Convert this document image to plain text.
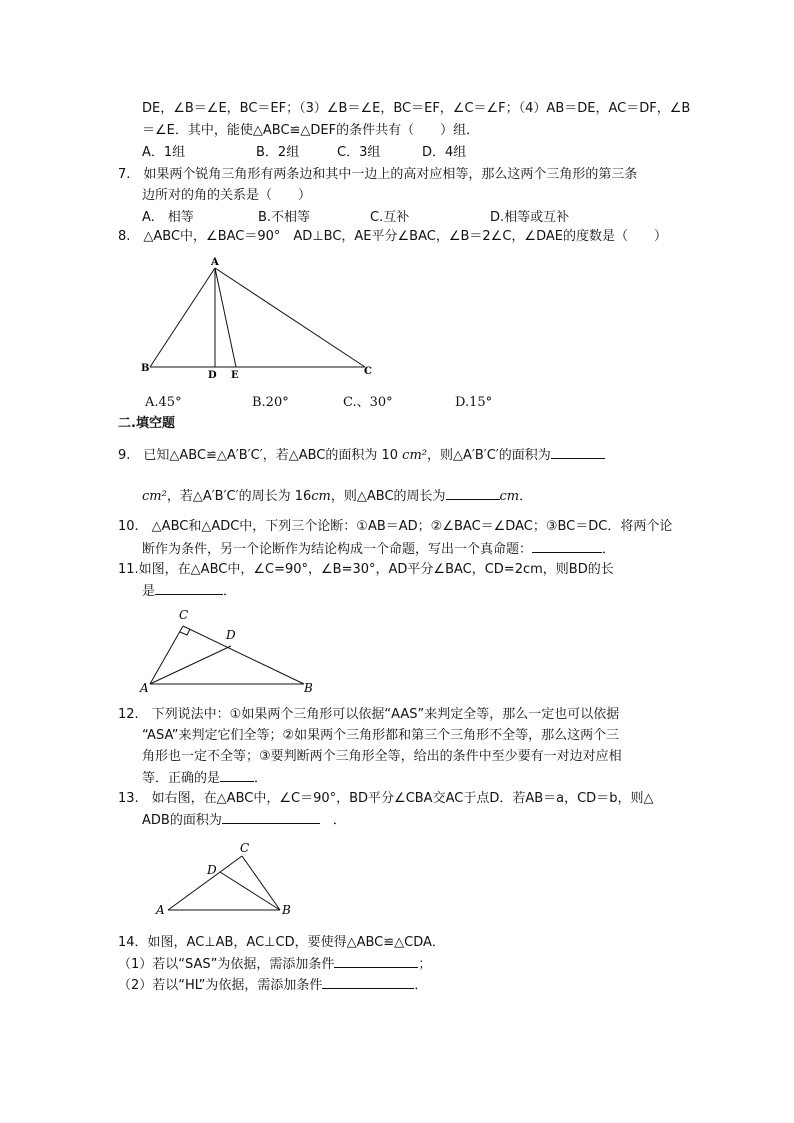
DE，∠B＝∠E，BC＝EF；（3）∠B＝∠E，BC＝EF，∠C＝∠F；（4）AB＝DE，AC＝DF，∠B
＝∠E．其中，能使△ABC≌△DEF的条件共有（　　）组．
A．1组	B．2组	C．3组	D．4组
7.　如果两个锐角三角形有两条边和其中一边上的高对应相等，那么这两个三角形的第三条
边所对的角的关系是（　　）
A.　相等	B.不相等	C.互补	D.相等或互补
8.　△ABC中，∠BAC＝90°　AD⊥BC，AE平分∠BAC，∠B＝2∠C，∠DAE的度数是（　　）
A
B
D E	C
A.45°	B.20°	C.、30°	D.15°
二.填空题
9.　已知△ABC≌△A′B′C′，若△ABC的面积为 10 cm²，则△A′B′C′的面积为
cm²，若△A′B′C′的周长为 16cm，则△ABC的周长为	cm．
10.　△ABC和△ADC中，下列三个论断：①AB＝AD；②∠BAC＝∠DAC；③BC＝DC．将两个论
断作为条件，另一个论断作为结论构成一个命题，写出一个真命题：	．
11.如图，在△ABC中，∠C=90°，∠B=30°，AD平分∠BAC，CD=2cm，则BD的长
是	．
C
D
A	B
12.　下列说法中：①如果两个三角形可以依据“AAS”来判定全等，那么一定也可以依据
“ASA”来判定它们全等；②如果两个三角形都和第三个三角形不全等，那么这两个三
角形也一定不全等；③要判断两个三角形全等，给出的条件中至少要有一对边对应相
等．正确的是	．
13.　如右图，在△ABC中，∠C＝90°，BD平分∠CBA交AC于点D．若AB＝a，CD＝b，则△
ADB的面积为　	．
C
D
A	B
14．如图，AC⊥AB，AC⊥CD，要使得△ABC≌△CDA．
（1）若以“SAS”为依据，需添加条件	；
（2）若以“HL”为依据，需添加条件	．
